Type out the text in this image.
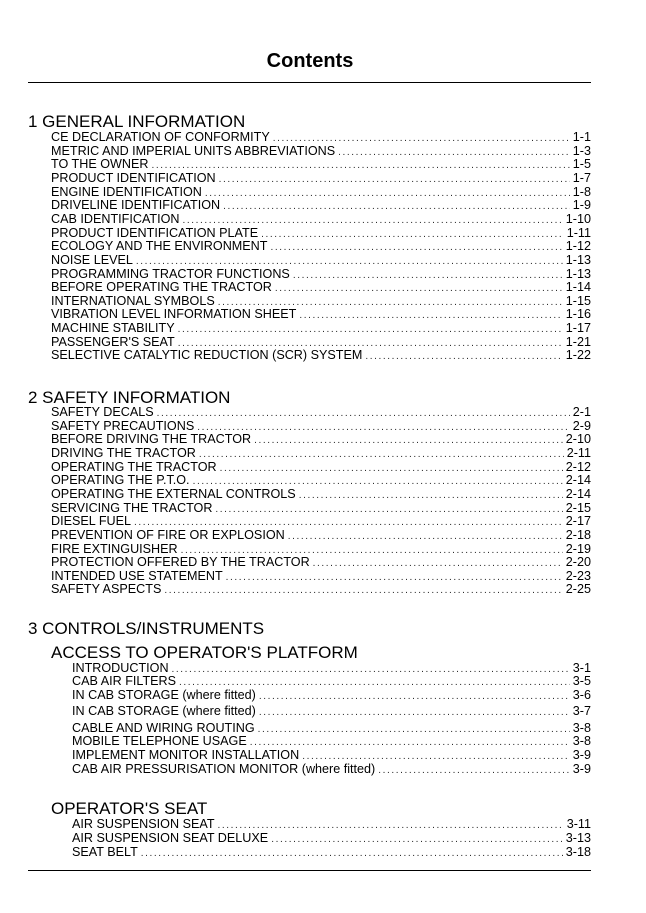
Contents
1 GENERAL INFORMATION
CE DECLARATION OF CONFORMITY .....	1-1
METRIC AND IMPERIAL UNITS ABBREVIATIONS .....	1-3
TO THE OWNER .....	1-5
PRODUCT IDENTIFICATION .....	1-7
ENGINE IDENTIFICATION .....	1-8
DRIVELINE IDENTIFICATION .....	1-9
CAB IDENTIFICATION .....	1-10
PRODUCT IDENTIFICATION PLATE .....	1-11
ECOLOGY AND THE ENVIRONMENT .....	1-12
NOISE LEVEL .....	1-13
PROGRAMMING TRACTOR FUNCTIONS .....	1-13
BEFORE OPERATING THE TRACTOR .....	1-14
INTERNATIONAL SYMBOLS .....	1-15
VIBRATION LEVEL INFORMATION SHEET .....	1-16
MACHINE STABILITY .....	1-17
PASSENGER'S SEAT .....	1-21
SELECTIVE CATALYTIC REDUCTION (SCR) SYSTEM .....	1-22
2 SAFETY INFORMATION
SAFETY DECALS .....	2-1
SAFETY PRECAUTIONS .....	2-9
BEFORE DRIVING THE TRACTOR .....	2-10
DRIVING THE TRACTOR .....	2-11
OPERATING THE TRACTOR .....	2-12
OPERATING THE P.T.O. .....	2-14
OPERATING THE EXTERNAL CONTROLS .....	2-14
SERVICING THE TRACTOR .....	2-15
DIESEL FUEL .....	2-17
PREVENTION OF FIRE OR EXPLOSION .....	2-18
FIRE EXTINGUISHER .....	2-19
PROTECTION OFFERED BY THE TRACTOR .....	2-20
INTENDED USE STATEMENT .....	2-23
SAFETY ASPECTS .....	2-25
3 CONTROLS/INSTRUMENTS
ACCESS TO OPERATOR'S PLATFORM
INTRODUCTION .....	3-1
CAB AIR FILTERS .....	3-5
IN CAB STORAGE (where fitted) .....	3-6
IN CAB STORAGE (where fitted) .....	3-7
CABLE AND WIRING ROUTING .....	3-8
MOBILE TELEPHONE USAGE .....	3-8
IMPLEMENT MONITOR INSTALLATION .....	3-9
CAB AIR PRESSURISATION MONITOR (where fitted) .....	3-9
OPERATOR'S SEAT
AIR SUSPENSION SEAT .....	3-11
AIR SUSPENSION SEAT DELUXE .....	3-13
SEAT BELT .....	3-18
